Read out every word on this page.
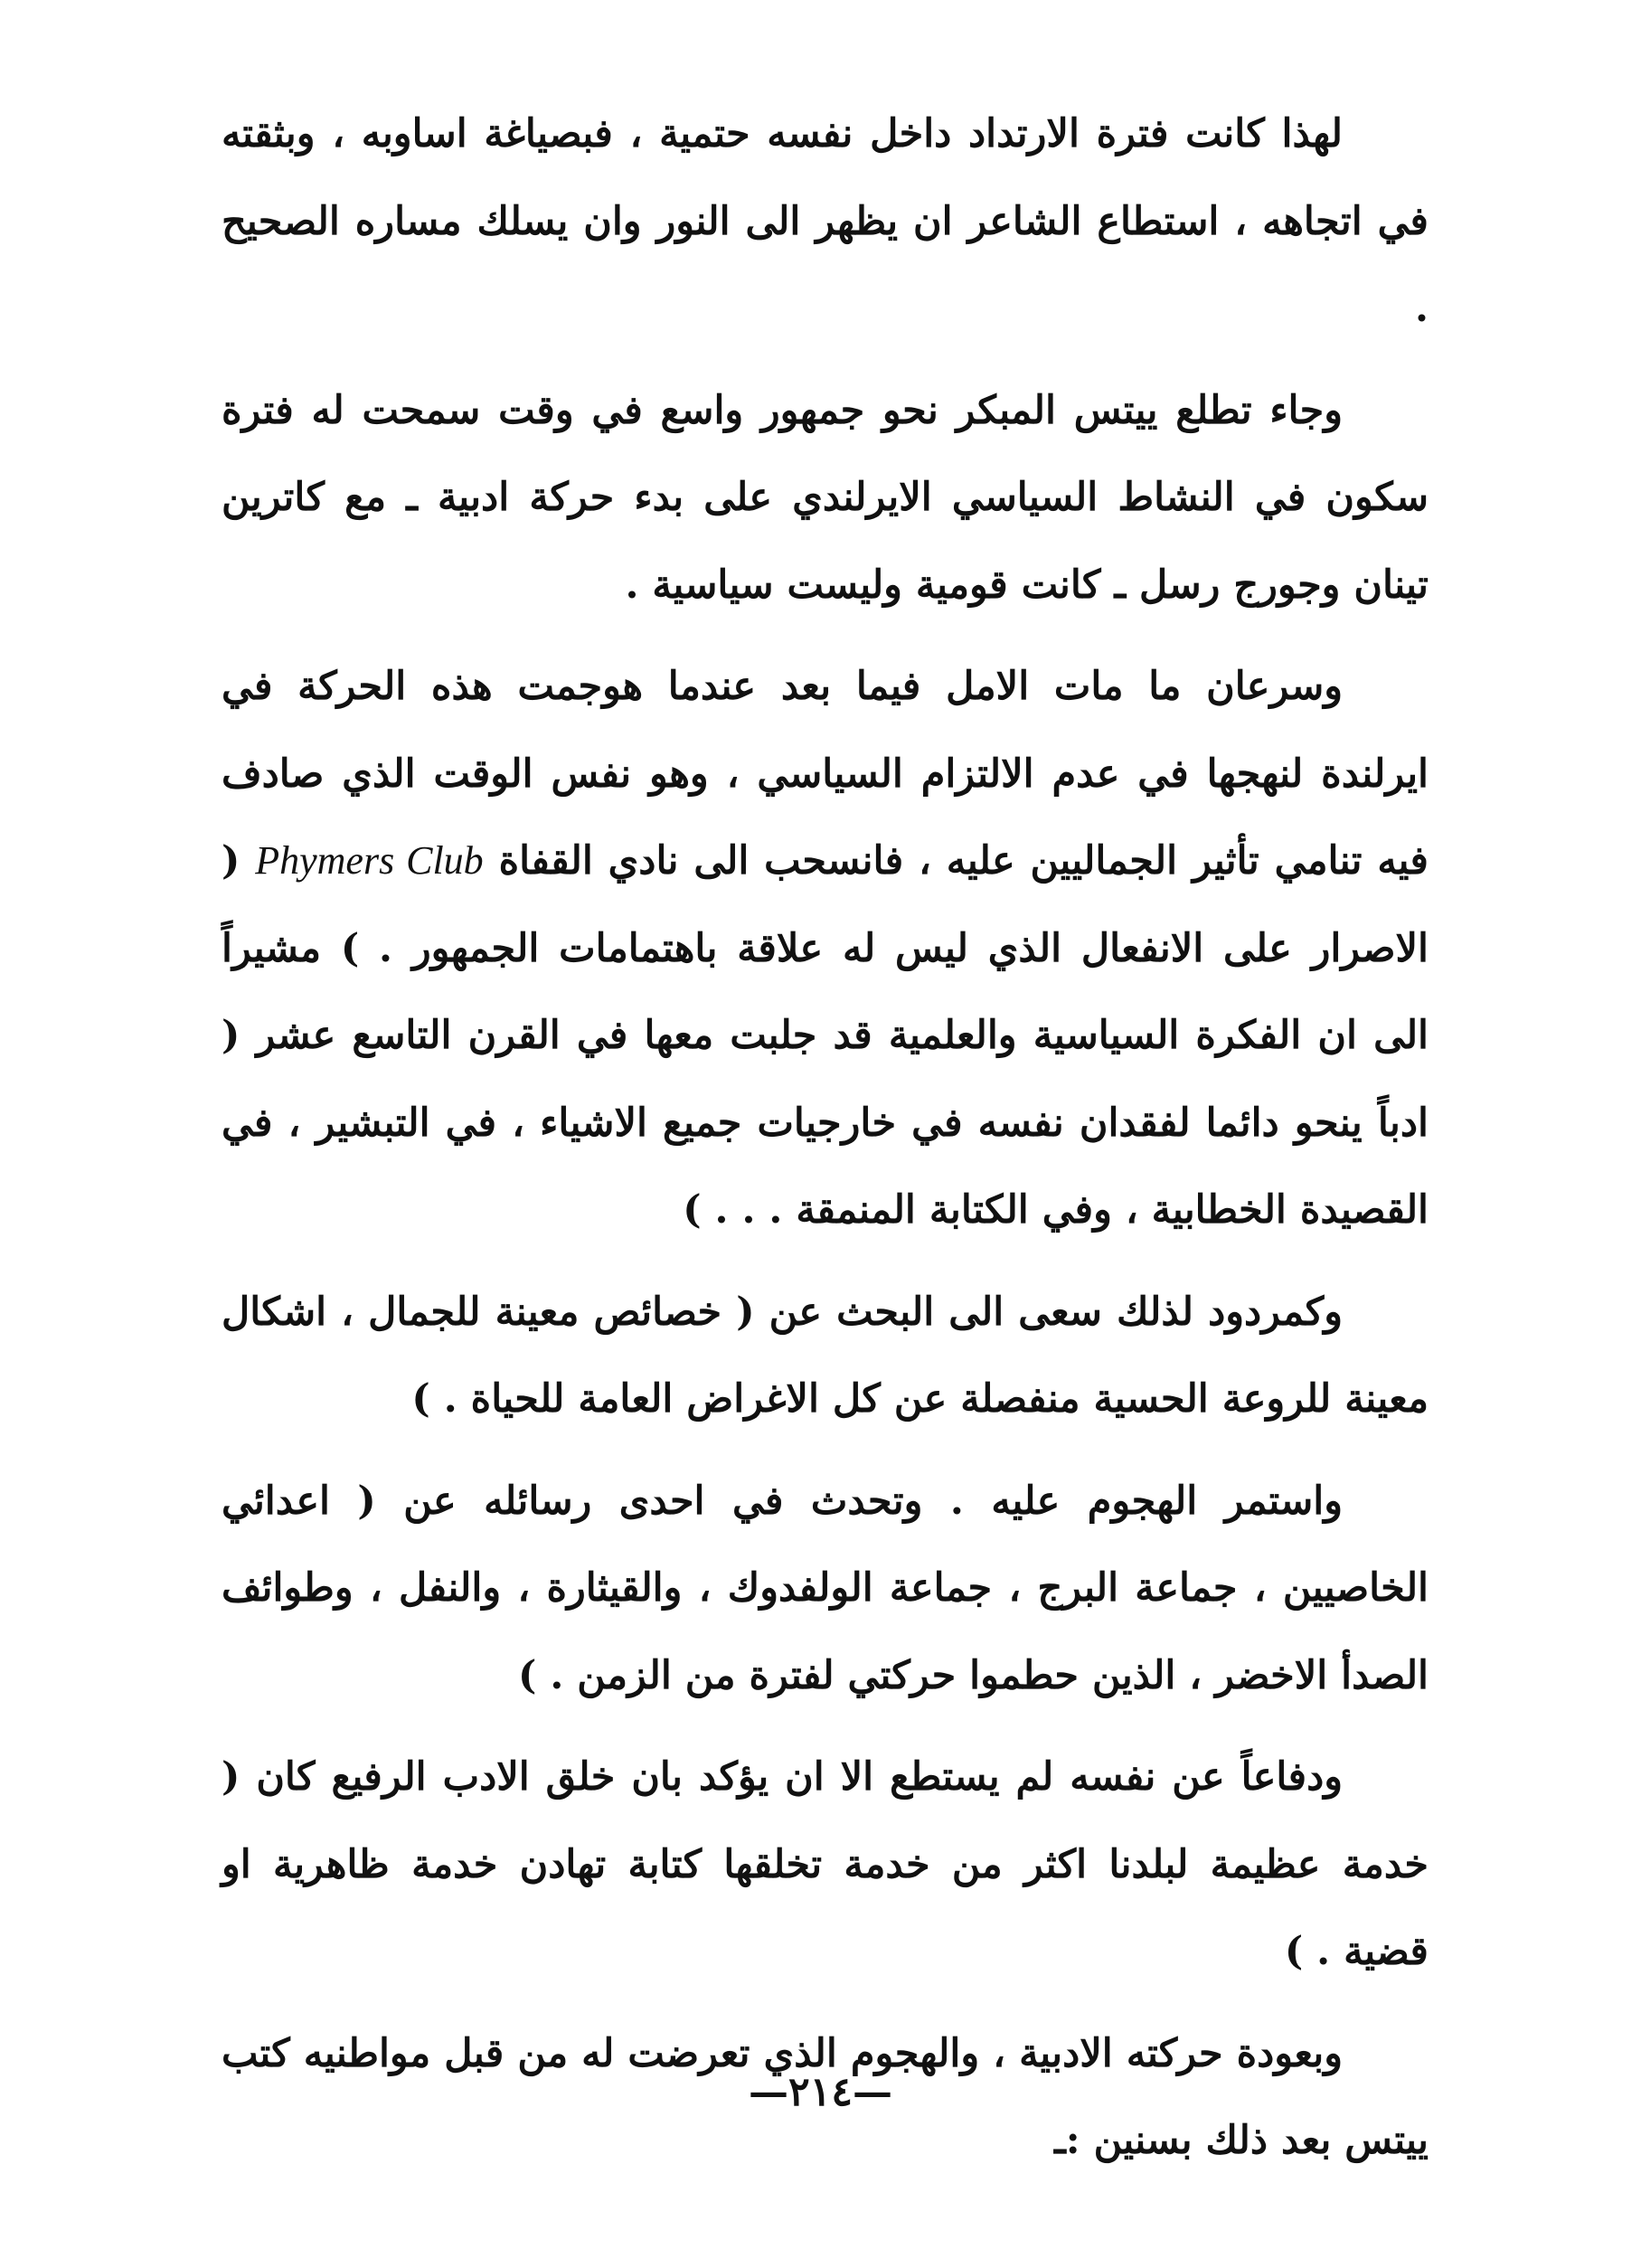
لهذا كانت فترة الارتداد داخل نفسه حتمية ، فبصياغة اساوبه ، وبثقته في اتجاهه ، استطاع الشاعر ان يظهر الى النور وان يسلك مساره الصحيح .

وجاء تطلع ييتس المبكر نحو جمهور واسع في وقت سمحت له فترة سكون في النشاط السياسي الايرلندي على بدء حركة ادبية ـ مع كاترين تينان وجورج رسل ـ كانت قومية وليست سياسية .

وسرعان ما مات الامل فيما بعد عندما هوجمت هذه الحركة في ايرلندة لنهجها في عدم الالتزام السياسي ، وهو نفس الوقت الذي صادف فيه تنامي تأثير الجماليين عليه ، فانسحب الى نادي القفاة Phymers Club ( الاصرار على الانفعال الذي ليس له علاقة باهتمامات الجمهور . ) مشيراً الى ان الفكرة السياسية والعلمية قد جلبت معها في القرن التاسع عشر ( ادباً ينحو دائما لفقدان نفسه في خارجيات جميع الاشياء ، في التبشير ، في القصيدة الخطابية ، وفي الكتابة المنمقة . . . )

وكمردود لذلك سعى الى البحث عن ( خصائص معينة للجمال ، اشكال معينة للروعة الحسية منفصلة عن كل الاغراض العامة للحياة . )

واستمر الهجوم عليه . وتحدث في احدى رسائله عن ( اعدائي الخاصيين ، جماعة البرج ، جماعة الولفدوك ، والقيثارة ، والنفل ، وطوائف الصدأ الاخضر ، الذين حطموا حركتي لفترة من الزمن . )

ودفاعاً عن نفسه لم يستطع الا ان يؤكد بان خلق الادب الرفيع كان ( خدمة عظيمة لبلدنا اكثر من خدمة تخلقها كتابة تهادن خدمة ظاهرية او قضية . )

وبعودة حركته الادبية ، والهجوم الذي تعرضت له من قبل مواطنيه كتب ييتس بعد ذلك بسنين :ـ

—٢١٤—
